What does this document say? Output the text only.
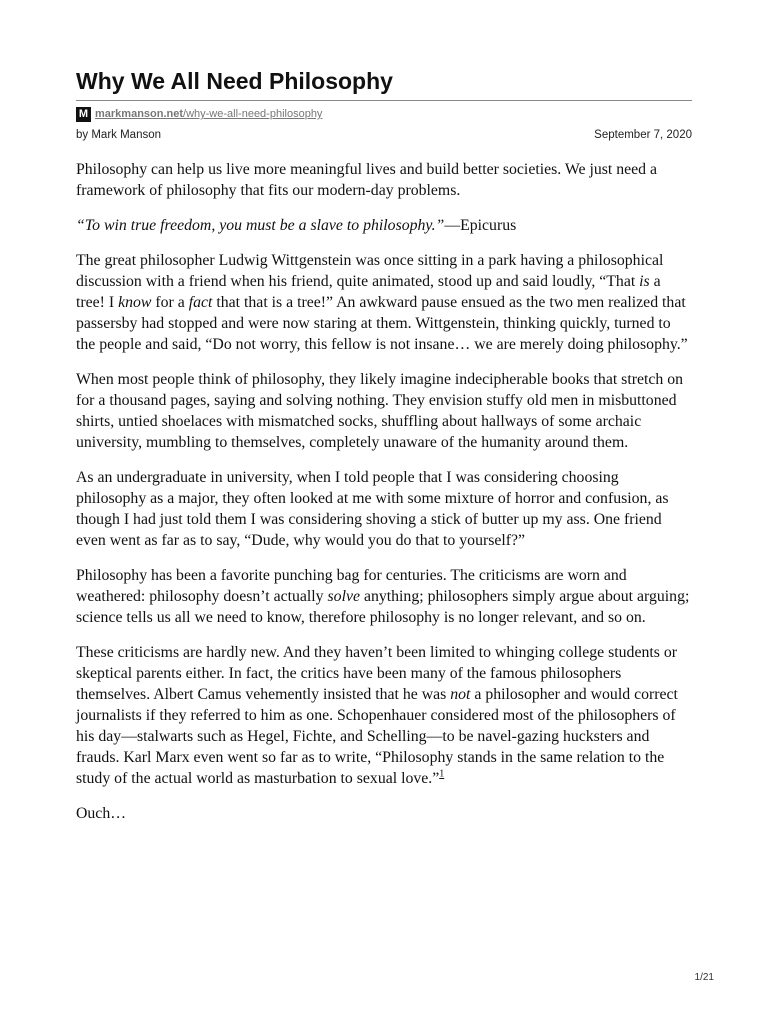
Why We All Need Philosophy
M markmanson.net/why-we-all-need-philosophy
by Mark Manson	September 7, 2020

Philosophy can help us live more meaningful lives and build better societies. We just need a framework of philosophy that fits our modern-day problems.

“To win true freedom, you must be a slave to philosophy.”—Epicurus

The great philosopher Ludwig Wittgenstein was once sitting in a park having a philosophical discussion with a friend when his friend, quite animated, stood up and said loudly, “That is a tree! I know for a fact that that is a tree!” An awkward pause ensued as the two men realized that passersby had stopped and were now staring at them. Wittgenstein, thinking quickly, turned to the people and said, “Do not worry, this fellow is not insane… we are merely doing philosophy.”

When most people think of philosophy, they likely imagine indecipherable books that stretch on for a thousand pages, saying and solving nothing. They envision stuffy old men in misbuttoned shirts, untied shoelaces with mismatched socks, shuffling about hallways of some archaic university, mumbling to themselves, completely unaware of the humanity around them.

As an undergraduate in university, when I told people that I was considering choosing philosophy as a major, they often looked at me with some mixture of horror and confusion, as though I had just told them I was considering shoving a stick of butter up my ass. One friend even went as far as to say, “Dude, why would you do that to yourself?”

Philosophy has been a favorite punching bag for centuries. The criticisms are worn and weathered: philosophy doesn’t actually solve anything; philosophers simply argue about arguing; science tells us all we need to know, therefore philosophy is no longer relevant, and so on.

These criticisms are hardly new. And they haven’t been limited to whinging college students or skeptical parents either. In fact, the critics have been many of the famous philosophers themselves. Albert Camus vehemently insisted that he was not a philosopher and would correct journalists if they referred to him as one. Schopenhauer considered most of the philosophers of his day—stalwarts such as Hegel, Fichte, and Schelling—to be navel-gazing hucksters and frauds. Karl Marx even went so far as to write, “Philosophy stands in the same relation to the study of the actual world as masturbation to sexual love.”$^1$

Ouch…

1/21
